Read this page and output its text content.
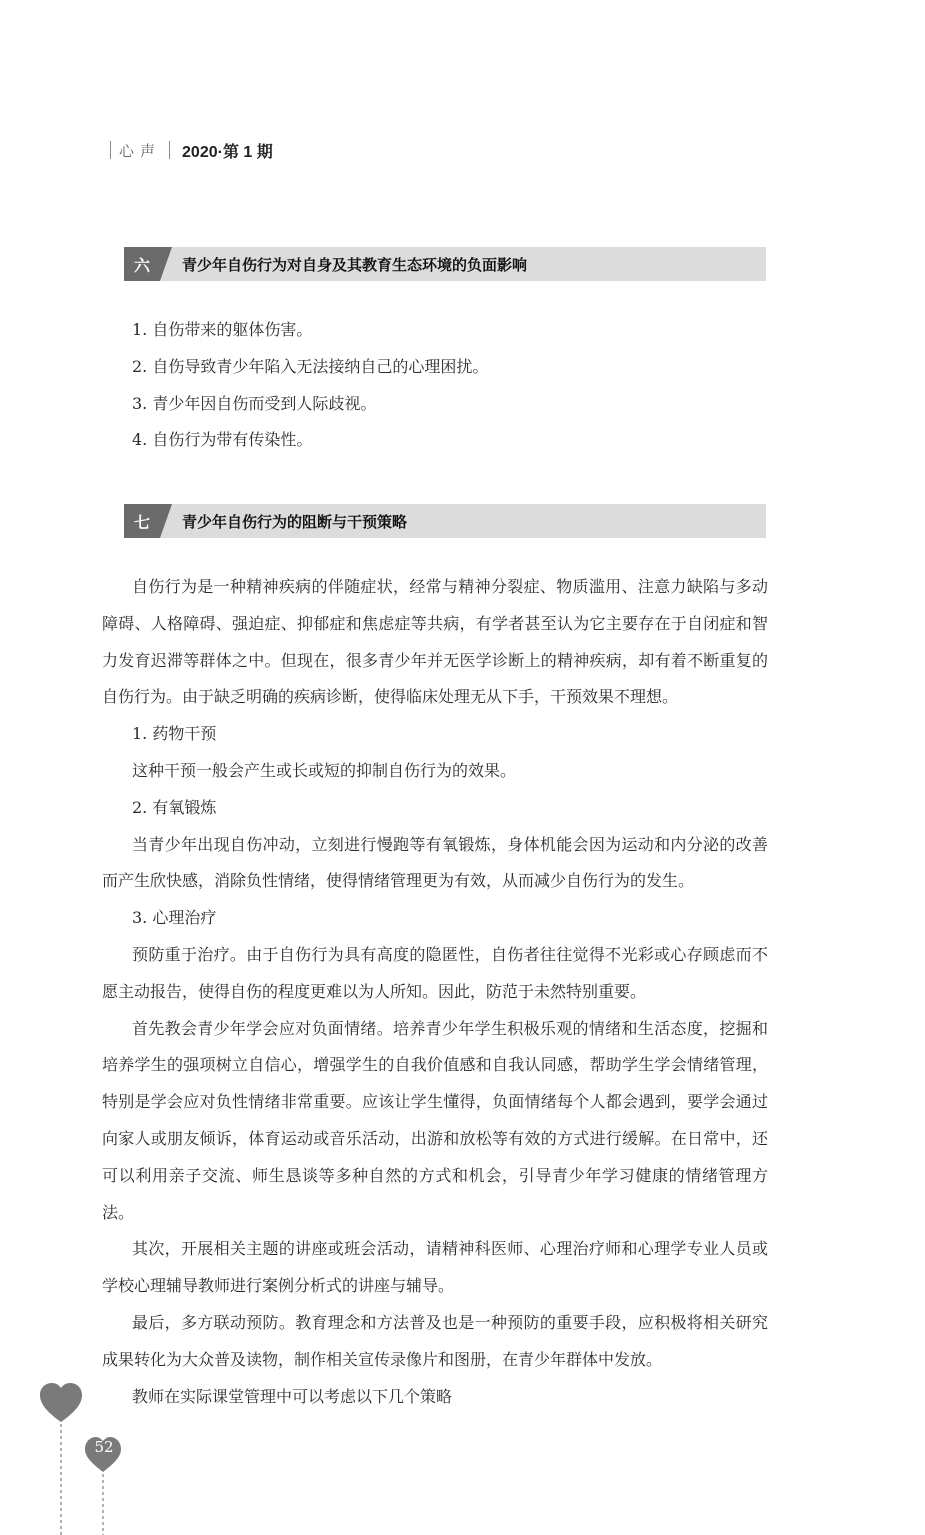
心声 2020·第 1 期
六	青少年自伤行为对自身及其教育生态环境的负面影响

1. 自伤带来的躯体伤害。

2. 自伤导致青少年陷入无法接纳自己的心理困扰。

3. 青少年因自伤而受到人际歧视。

4. 自伤行为带有传染性。

七	青少年自伤行为的阻断与干预策略

自伤行为是一种精神疾病的伴随症状，经常与精神分裂症、物质滥用、注意力缺陷与多动障碍、人格障碍、强迫症、抑郁症和焦虑症等共病，有学者甚至认为它主要存在于自闭症和智力发育迟滞等群体之中。但现在，很多青少年并无医学诊断上的精神疾病，却有着不断重复的自伤行为。由于缺乏明确的疾病诊断，使得临床处理无从下手，干预效果不理想。

1. 药物干预

这种干预一般会产生或长或短的抑制自伤行为的效果。

2. 有氧锻炼

当青少年出现自伤冲动，立刻进行慢跑等有氧锻炼，身体机能会因为运动和内分泌的改善而产生欣快感，消除负性情绪，使得情绪管理更为有效，从而减少自伤行为的发生。

3. 心理治疗

预防重于治疗。由于自伤行为具有高度的隐匿性，自伤者往往觉得不光彩或心存顾虑而不愿主动报告，使得自伤的程度更难以为人所知。因此，防范于未然特别重要。

首先教会青少年学会应对负面情绪。培养青少年学生积极乐观的情绪和生活态度，挖掘和培养学生的强项树立自信心，增强学生的自我价值感和自我认同感，帮助学生学会情绪管理，特别是学会应对负性情绪非常重要。应该让学生懂得，负面情绪每个人都会遇到，要学会通过向家人或朋友倾诉，体育运动或音乐活动，出游和放松等有效的方式进行缓解。在日常中，还可以利用亲子交流、师生恳谈等多种自然的方式和机会，引导青少年学习健康的情绪管理方法。

其次，开展相关主题的讲座或班会活动，请精神科医师、心理治疗师和心理学专业人员或学校心理辅导教师进行案例分析式的讲座与辅导。

最后，多方联动预防。教育理念和方法普及也是一种预防的重要手段，应积极将相关研究成果转化为大众普及读物，制作相关宣传录像片和图册，在青少年群体中发放。

教师在实际课堂管理中可以考虑以下几个策略

52
